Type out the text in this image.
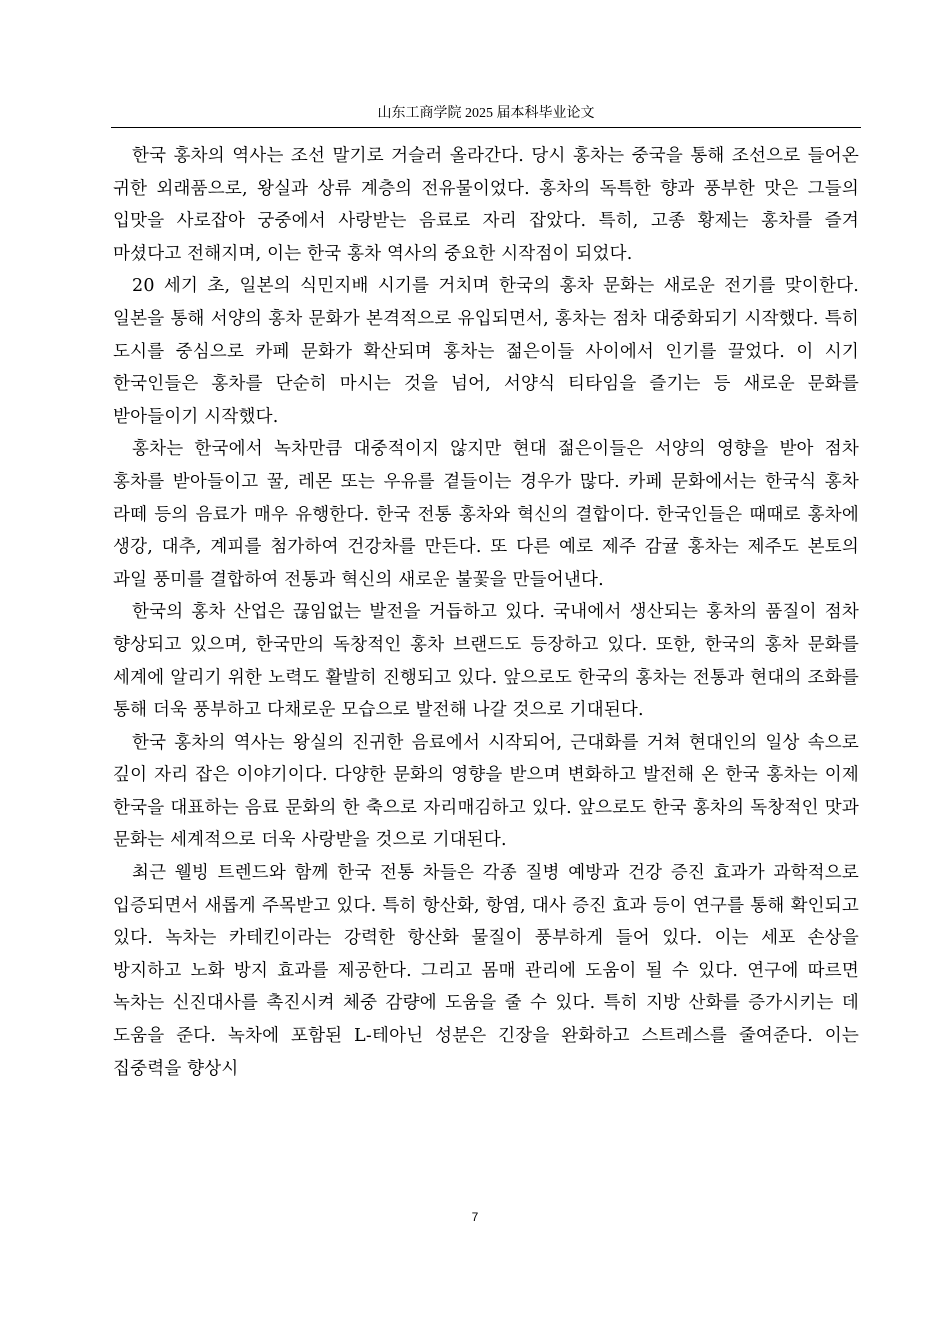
山东工商学院 2025 届本科毕业论文

한국 홍차의 역사는 조선 말기로 거슬러 올라간다. 당시 홍차는 중국을 통해 조선으로 들어온 귀한 외래품으로, 왕실과 상류 계층의 전유물이었다. 홍차의 독특한 향과 풍부한 맛은 그들의 입맛을 사로잡아 궁중에서 사랑받는 음료로 자리 잡았다. 특히, 고종 황제는 홍차를 즐겨 마셨다고 전해지며, 이는 한국 홍차 역사의 중요한 시작점이 되었다.

20 세기 초, 일본의 식민지배 시기를 거치며 한국의 홍차 문화는 새로운 전기를 맞이한다. 일본을 통해 서양의 홍차 문화가 본격적으로 유입되면서, 홍차는 점차 대중화되기 시작했다. 특히 도시를 중심으로 카페 문화가 확산되며 홍차는 젊은이들 사이에서 인기를 끌었다. 이 시기 한국인들은 홍차를 단순히 마시는 것을 넘어, 서양식 티타임을 즐기는 등 새로운 문화를 받아들이기 시작했다.

홍차는 한국에서 녹차만큼 대중적이지 않지만 현대 젊은이들은 서양의 영향을 받아 점차 홍차를 받아들이고 꿀, 레몬 또는 우유를 곁들이는 경우가 많다. 카페 문화에서는 한국식 홍차 라떼 등의 음료가 매우 유행한다. 한국 전통 홍차와 혁신의 결합이다. 한국인들은 때때로 홍차에 생강, 대추, 계피를 첨가하여 건강차를 만든다. 또 다른 예로 제주 감귤 홍차는 제주도 본토의 과일 풍미를 결합하여 전통과 혁신의 새로운 불꽃을 만들어낸다.

한국의 홍차 산업은 끊임없는 발전을 거듭하고 있다. 국내에서 생산되는 홍차의 품질이 점차 향상되고 있으며, 한국만의 독창적인 홍차 브랜드도 등장하고 있다. 또한, 한국의 홍차 문화를 세계에 알리기 위한 노력도 활발히 진행되고 있다. 앞으로도 한국의 홍차는 전통과 현대의 조화를 통해 더욱 풍부하고 다채로운 모습으로 발전해 나갈 것으로 기대된다.

한국 홍차의 역사는 왕실의 진귀한 음료에서 시작되어, 근대화를 거쳐 현대인의 일상 속으로 깊이 자리 잡은 이야기이다. 다양한 문화의 영향을 받으며 변화하고 발전해 온 한국 홍차는 이제 한국을 대표하는 음료 문화의 한 축으로 자리매김하고 있다. 앞으로도 한국 홍차의 독창적인 맛과 문화는 세계적으로 더욱 사랑받을 것으로 기대된다.

최근 웰빙 트렌드와 함께 한국 전통 차들은 각종 질병 예방과 건강 증진 효과가 과학적으로 입증되면서 새롭게 주목받고 있다. 특히 항산화, 항염, 대사 증진 효과 등이 연구를 통해 확인되고 있다. 녹차는 카테킨이라는 강력한 항산화 물질이 풍부하게 들어 있다. 이는 세포 손상을 방지하고 노화 방지 효과를 제공한다. 그리고 몸매 관리에 도움이 될 수 있다. 연구에 따르면 녹차는 신진대사를 촉진시켜 체중 감량에 도움을 줄 수 있다. 특히 지방 산화를 증가시키는 데 도움을 준다. 녹차에 포함된 L-테아닌 성분은 긴장을 완화하고 스트레스를 줄여준다. 이는 집중력을 향상시

7
